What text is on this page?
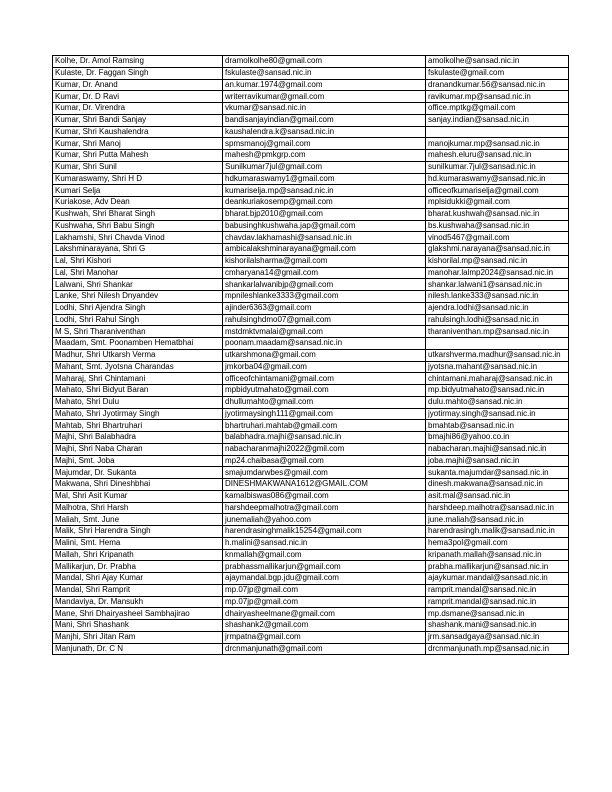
Kolhe, Dr. Amol Ramsing	dramolkolhe80@gmail.com	amolkolhe@sansad.nic.in
Kulaste, Dr. Faggan Singh	fskulaste@sansad.nic.in	fskulaste@gmail.com
Kumar, Dr. Anand	an.kumar.1974@gmail.com	dranandkumar.56@sansad.nic.in
Kumar, Dr. D Ravi	writerravikumar@gmail.com	ravikumar.mp@sansad.nic.in
Kumar, Dr. Virendra	vkumar@sansad.nic.in	office.mptkg@gmail.com
Kumar, Shri Bandi Sanjay	bandisanjayindian@gmail.com	sanjay.indian@sansad.nic.in
Kumar, Shri Kaushalendra	kaushalendra.k@sansad.nic.in	
Kumar, Shri Manoj	spmsmanoj@gmail.com	manojkumar.mp@sansad.nic.in
Kumar, Shri Putta Mahesh	mahesh@pmkgrp.com	mahesh.eluru@sansad.nic.in
Kumar, Shri Sunil	Sunilkumar7jul@gmail.com	sunilkumar.7jul@sansad.nic.in
Kumaraswamy, Shri H D	hdkumaraswamy1@gmail.com	hd.kumaraswamy@sansad.nic.in
Kumari Selja	kumariselja.mp@sansad.nic.in	officeofkumariselja@gmail.com
Kuriakose, Adv Dean	deankuriakosemp@gmail.com	mplsidukki@gmail.com
Kushwah, Shri Bharat Singh	bharat.bjp2010@gmail.com	bharat.kushwah@sansad.nic.in
Kushwaha, Shri Babu Singh	babusinghkushwaha.jap@gmail.com	bs.kushwaha@sansad.nic.in
Lakhamshi, Shri Chavda Vinod	chavdav.lakhamashi@sansad.nic.in	vinod5467@gmail.com
Lakshminarayana, Shri G	ambicalakshminarayana@gmail.com	glakshmi.narayana@sansad.nic.in
Lal, Shri Kishori	kishorilalsharma@gmail.com	kishorilal.mp@sansad.nic.in
Lal, Shri Manohar	cmharyana14@gmail.com	manohar.lalmp2024@sansad.nic.in
Lalwani, Shri Shankar	shankarlalwanibjp@gmail.com	shankar.lalwani1@sansad.nic.in
Lanke, Shri Nilesh Dnyandev	mpnileshlanke3333@gmail.com	nilesh.lanke333@sansad.nic.in
Lodhi, Shri Ajendra Singh	ajinder6363@gmail.com	ajendra.lodhi@sansad.nic.in
Lodhi, Shri Rahul Singh	rahulsinghdmo07@gmail.com	rahulsingh.lodhi@sansad.nic.in
M S, Shri Tharaniventhan	mstdmktvmalai@gmail.com	tharaniventhan.mp@sansad.nic.in
Maadam, Smt. Poonamben Hematbhai	poonam.maadam@sansad.nic.in	
Madhur, Shri Utkarsh Verma	utkarshmona@gmail.com	utkarshverma.madhur@sansad.nic.in
Mahant, Smt. Jyotsna Charandas	jmkorba04@gmail.com	jyotsna.mahant@sansad.nic.in
Maharaj, Shri Chintamani	officeofchintamani@gmail.com	chintamani.maharaj@sansad.nic.in
Mahato, Shri Bidyut Baran	mpbidyutmahato@gmail.com	mp.bidyutmahato@sansad.nic.in
Mahato, Shri Dulu	dhullumahto@gmail.com	dulu.mahto@sansad.nic.in
Mahato, Shri Jyotirmay Singh	jyotirmaysingh111@gmail.com	jyotirmay.singh@sansad.nic.in
Mahtab, Shri Bhartruhari	bhartruhari.mahtab@gmail.com	bmahtab@sansad.nic.in
Majhi, Shri Balabhadra	balabhadra.majhi@sansad.nic.in	bmajhi86@yahoo.co.in
Majhi, Shri Naba Charan	nabacharanmajhi2022@gmil.com	nabacharan.majhi@sansad.nic.in
Majhi, Smt. Joba	mp24.chaibasa@gmail.com	joba.majhi@sansad.nic.in
Majumdar, Dr. Sukanta	smajumdarwbes@gmail.com	sukanta.majumdar@sansad.nic.in
Makwana, Shri Dineshbhai	DINESHMAKWANA1612@GMAIL.COM	dinesh.makwana@sansad.nic.in
Mal, Shri Asit Kumar	kamalbiswas086@gmail.com	asit.mal@sansad.nic.in
Malhotra, Shri Harsh	harshdeepmalhotra@gmail.com	harshdeep.malhotra@sansad.nic.in
Maliah, Smt. June	junemaliah@yahoo.com	june.maliah@sansad.nic.in
Malik, Shri Harendra Singh	harendrasinghmalik15254@gmail.com	harendrasingh.malik@sansad.nic.in
Malini, Smt. Hema	h.malini@sansad.nic.in	hema3pol@gmail.com
Mallah, Shri Kripanath	knmallah@gmail.com	kripanath.mallah@sansad.nic.in
Mallikarjun, Dr. Prabha	prabhassmallikarjun@gmail.com	prabha.mallikarjun@sansad.nic.in
Mandal, Shri Ajay Kumar	ajaymandal.bgp.jdu@gmail.com	ajaykumar.mandal@sansad.nic.in
Mandal, Shri Ramprit	mp.07jp@gmail.com	ramprit.mandal@sansad.nic.in
Mandaviya, Dr. Mansukh	mp.07jp@gmail.com	ramprit.mandal@sansad.nic.in
Mane, Shri Dhairyasheel Sambhajirao	dhairyasheelmane@gmail.com	mp.dsmane@sansad.nic.in
Mani, Shri Shashank	shashank2@gmail.com	shashank.mani@sansad.nic.in
Manjhi, Shri Jitan Ram	jrmpatna@gmail.com	jrm.sansadgaya@sansad.nic.in
Manjunath, Dr. C N	drcnmanjunath@gmail.com	drcnmanjunath.mp@sansad.nic.in
